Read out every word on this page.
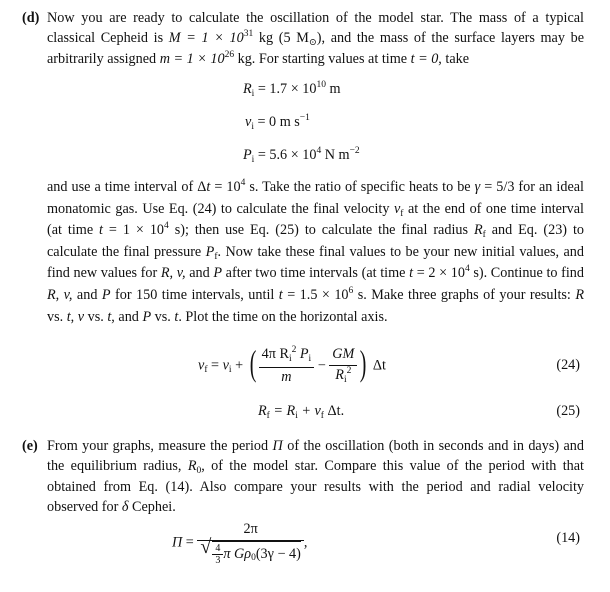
(d) Now you are ready to calculate the oscillation of the model star. The mass of a typical classical Cepheid is $M = 1 \times 10^{31}$ kg (5 $M_⊙$), and the mass of the surface layers may be arbitrarily assigned $m = 1 \times 10^{26}$ kg. For starting values at time t = 0, take
$R_i = 1.7 \times 10^{10}$ m
$v_i = 0$ m $s^{-1}$
$P_i = 5.6 \times 10^4$ N $m^{-2}$
and use a time interval of $\Delta t = 10^4$ s. Take the ratio of specific heats to be γ = 5/3 for an ideal monatomic gas. Use Eq. (24) to calculate the final velocity $v_f$ at the end of one time interval (at time $t = 1 \times 10^4$ s); then use Eq. (25) to calculate the final radius $R_f$ and Eq. (23) to calculate the final pressure $P_f$. Now take these final values to be your new initial values, and find new values for R, v, and P after two time intervals (at time $t = 2 \times 10^4$ s). Continue to find R, v, and P for 150 time intervals, until $t = 1.5 \times 10^6$ s. Make three graphs of your results: R vs. t, v vs. t, and P vs. t. Plot the time on the horizontal axis.
$v_f = v_i$ + ( $\frac{4\pi R_i^2 P_i}{m} - \frac{GM}{R_i^2}$ ) Δt	(24)
$R_f = R_i + v_f$ Δt.	(25)
(e) From your graphs, measure the period Π of the oscillation (both in seconds and in days) and the equilibrium radius, $R_0$, of the model star. Compare this value of the period with that obtained from Eq. (14). Also compare your results with the period and radial velocity observed for δ Cephei.
$\Pi = \frac{2\pi}{√ \frac{4}{3} \pi G\rho_0(3\gamma - 4)}$ ,	(14)
